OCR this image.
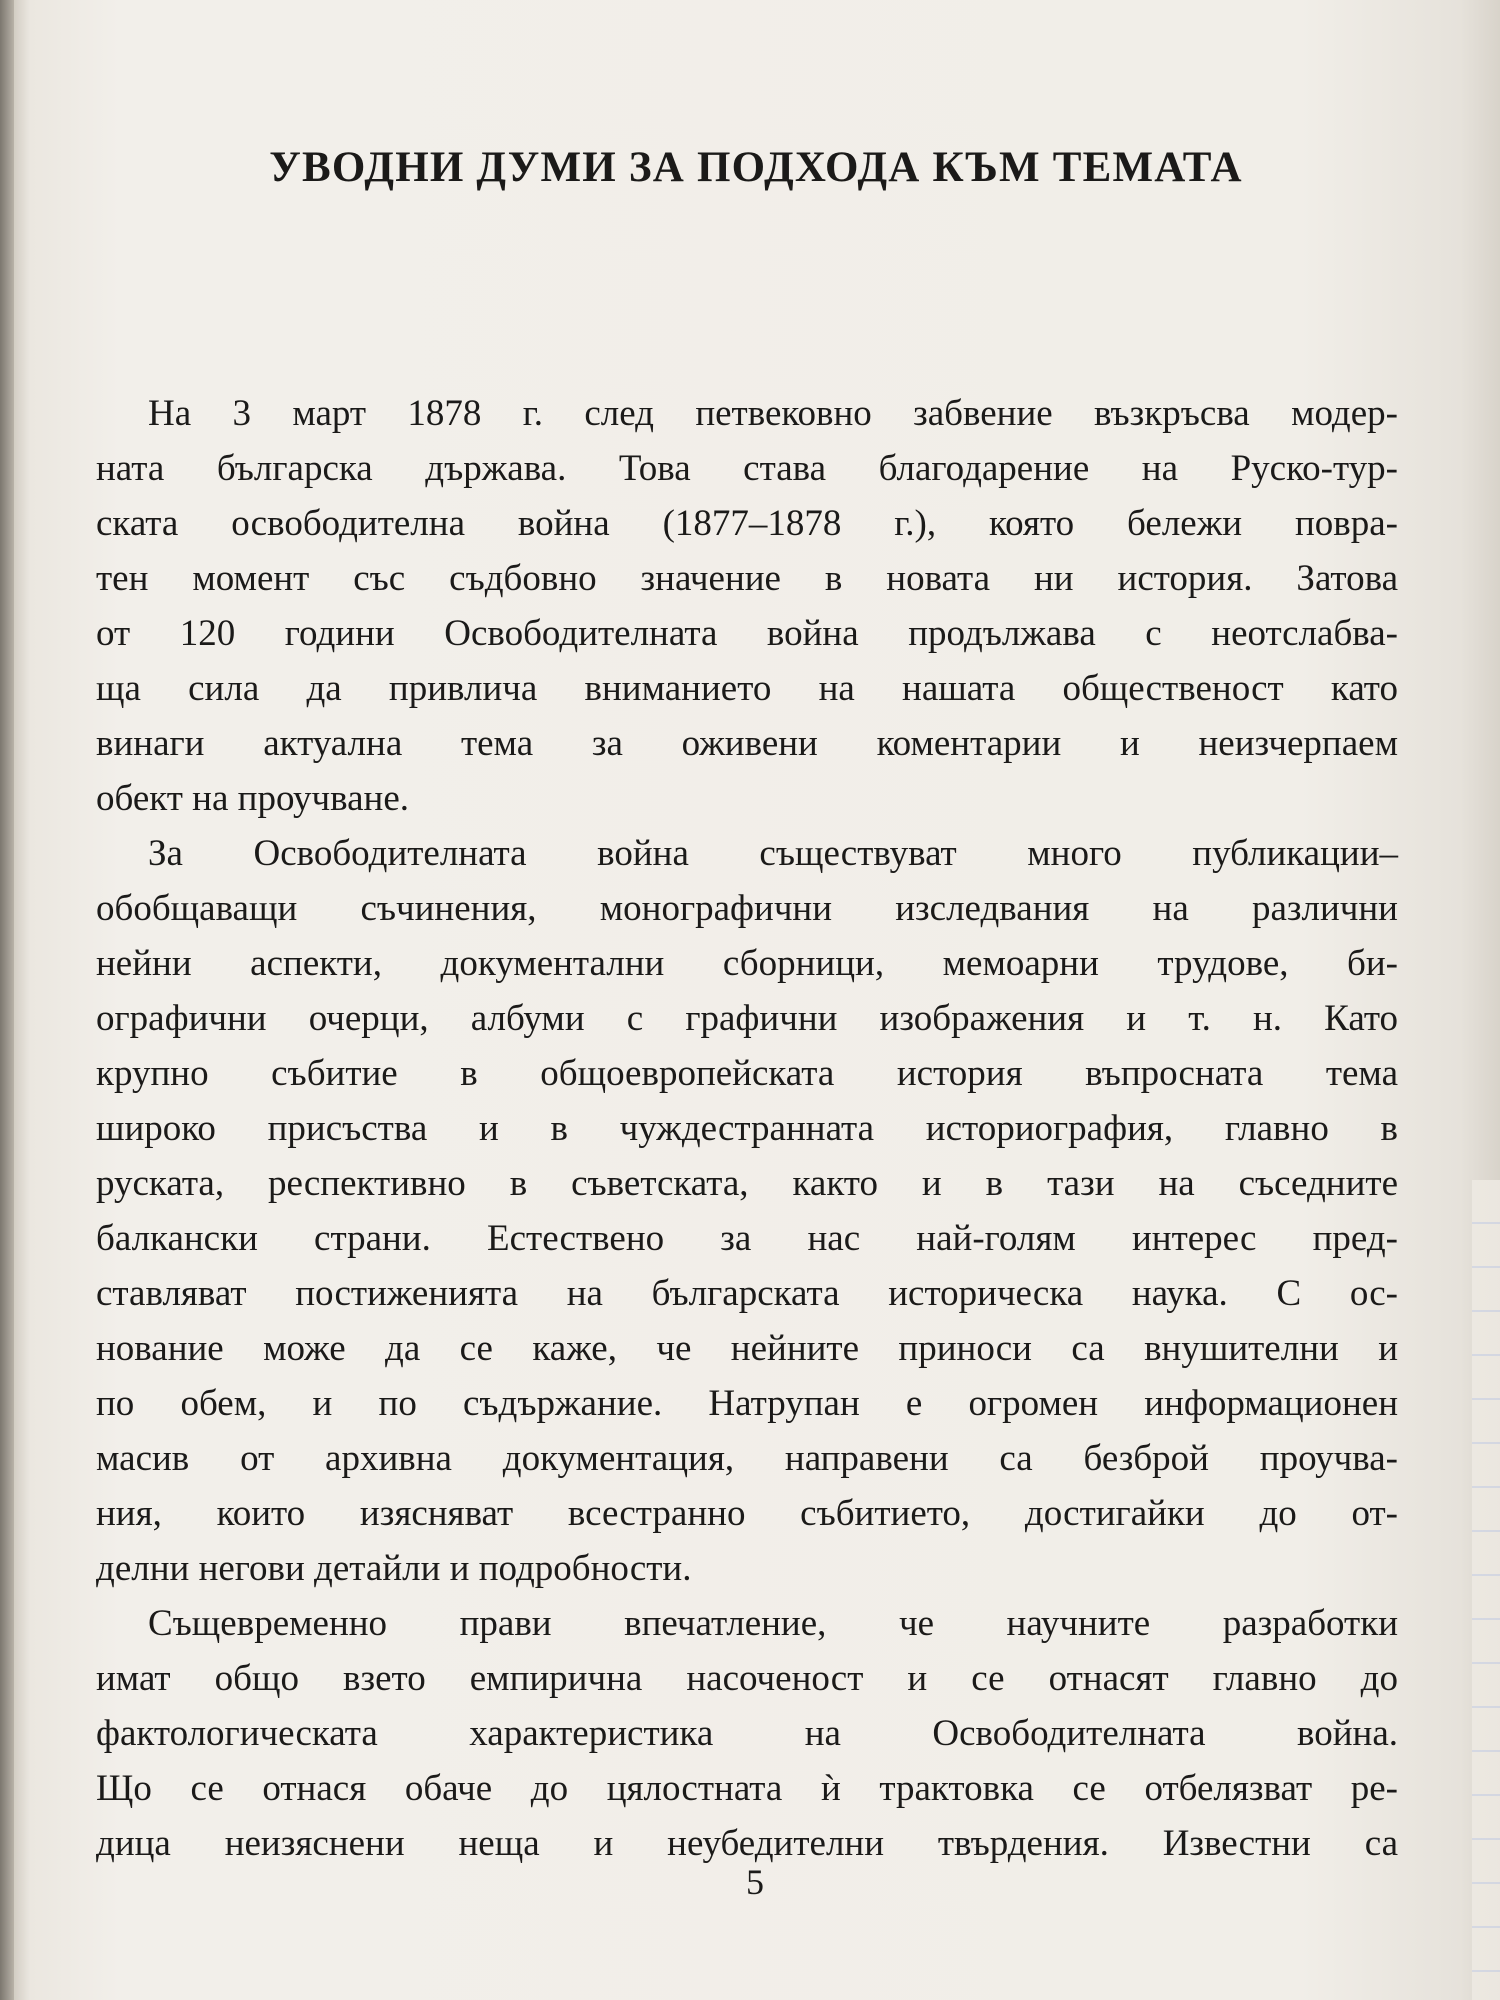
УВОДНИ ДУМИ ЗА ПОДХОДА КЪМ ТЕМАТА
На 3 март 1878 г. след петвековно забвение възкръсва модер-
ната българска държава. Това става благодарение на Руско-тур-
ската освободителна война (1877–1878 г.), която бележи повра-
тен момент със съдбовно значение в новата ни история. Затова
от 120 години Освободителната война продължава с неотслабва-
ща сила да привлича вниманието на нашата общественост като
винаги актуална тема за оживени коментарии и неизчерпаем
обект на проучване.
За Освободителната война съществуват много публикации–
обобщаващи съчинения, монографични изследвания на различни
нейни аспекти, документални сборници, мемоарни трудове, би-
ографични очерци, албуми с графични изображения и т. н. Като
крупно събитие в общоевропейската история въпросната тема
широко присъства и в чуждестранната историография, главно в
руската, респективно в съветската, както и в тази на съседните
балкански страни. Естествено за нас най-голям интерес пред-
ставляват постиженията на българската историческа наука. С ос-
нование може да се каже, че нейните приноси са внушителни и
по обем, и по съдържание. Натрупан е огромен информационен
масив от архивна документация, направени са безброй проучва-
ния, които изясняват всестранно събитието, достигайки до от-
делни негови детайли и подробности.
Същевременно прави впечатление, че научните разработки
имат общо взето емпирична насоченост и се отнасят главно до
фактологическата характеристика на Освободителната война.
Що се отнася обаче до цялостната ѝ трактовка се отбелязват ре-
дица неизяснени неща и неубедителни твърдения. Известни са
5
